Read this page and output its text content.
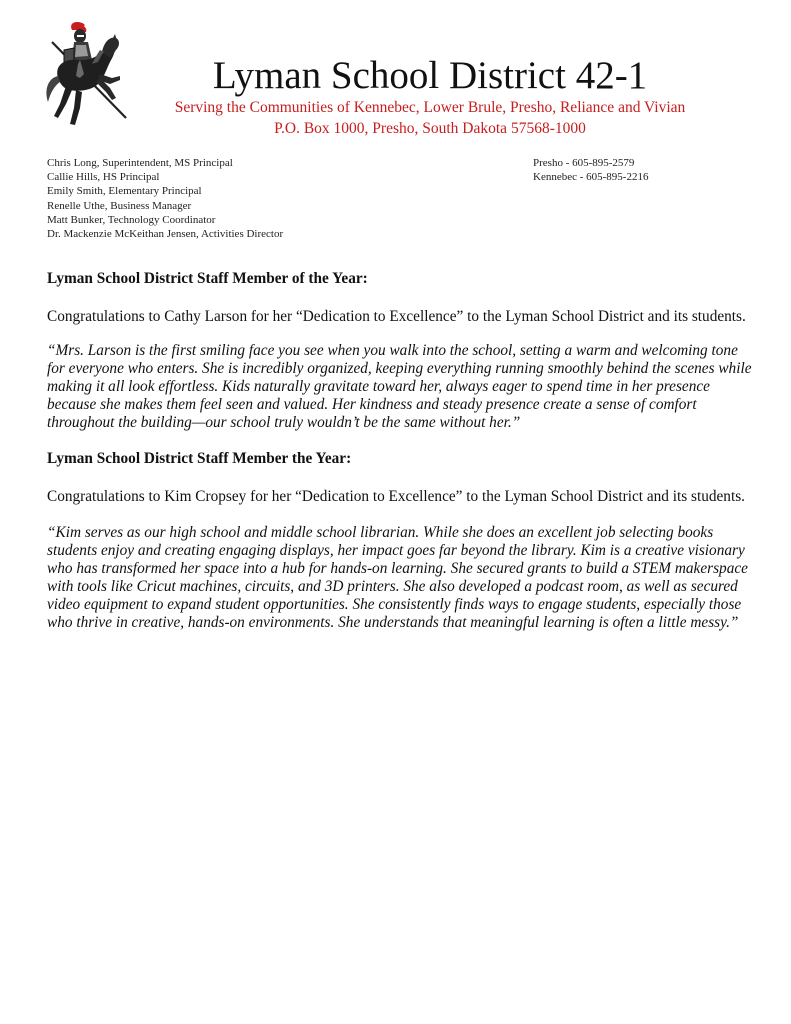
Lyman School District 42-1
Serving the Communities of Kennebec, Lower Brule, Presho, Reliance and Vivian
P.O. Box 1000, Presho, South Dakota 57568-1000
Chris Long, Superintendent, MS Principal
Callie Hills, HS Principal
Emily Smith, Elementary Principal
Renelle Uthe, Business Manager
Matt Bunker, Technology Coordinator
Dr. Mackenzie McKeithan Jensen, Activities Director
Presho - 605-895-2579
Kennebec - 605-895-2216
Lyman School District Staff Member of the Year:

Congratulations to Cathy Larson for her “Dedication to Excellence” to the Lyman School District and its students.

“Mrs. Larson is the first smiling face you see when you walk into the school, setting a warm and welcoming tone for everyone who enters. She is incredibly organized, keeping everything running smoothly behind the scenes while making it all look effortless. Kids naturally gravitate toward her, always eager to spend time in her presence because she makes them feel seen and valued. Her kindness and steady presence create a sense of comfort throughout the building—our school truly wouldn’t be the same without her.”

Lyman School District Staff Member the Year:

Congratulations to Kim Cropsey for her “Dedication to Excellence” to the Lyman School District and its students.

“Kim serves as our high school and middle school librarian. While she does an excellent job selecting books students enjoy and creating engaging displays, her impact goes far beyond the library. Kim is a creative visionary who has transformed her space into a hub for hands-on learning. She secured grants to build a STEM makerspace with tools like Cricut machines, circuits, and 3D printers. She also developed a podcast room, as well as secured video equipment to expand student opportunities. She consistently finds ways to engage students, especially those who thrive in creative, hands-on environments. She understands that meaningful learning is often a little messy.”
